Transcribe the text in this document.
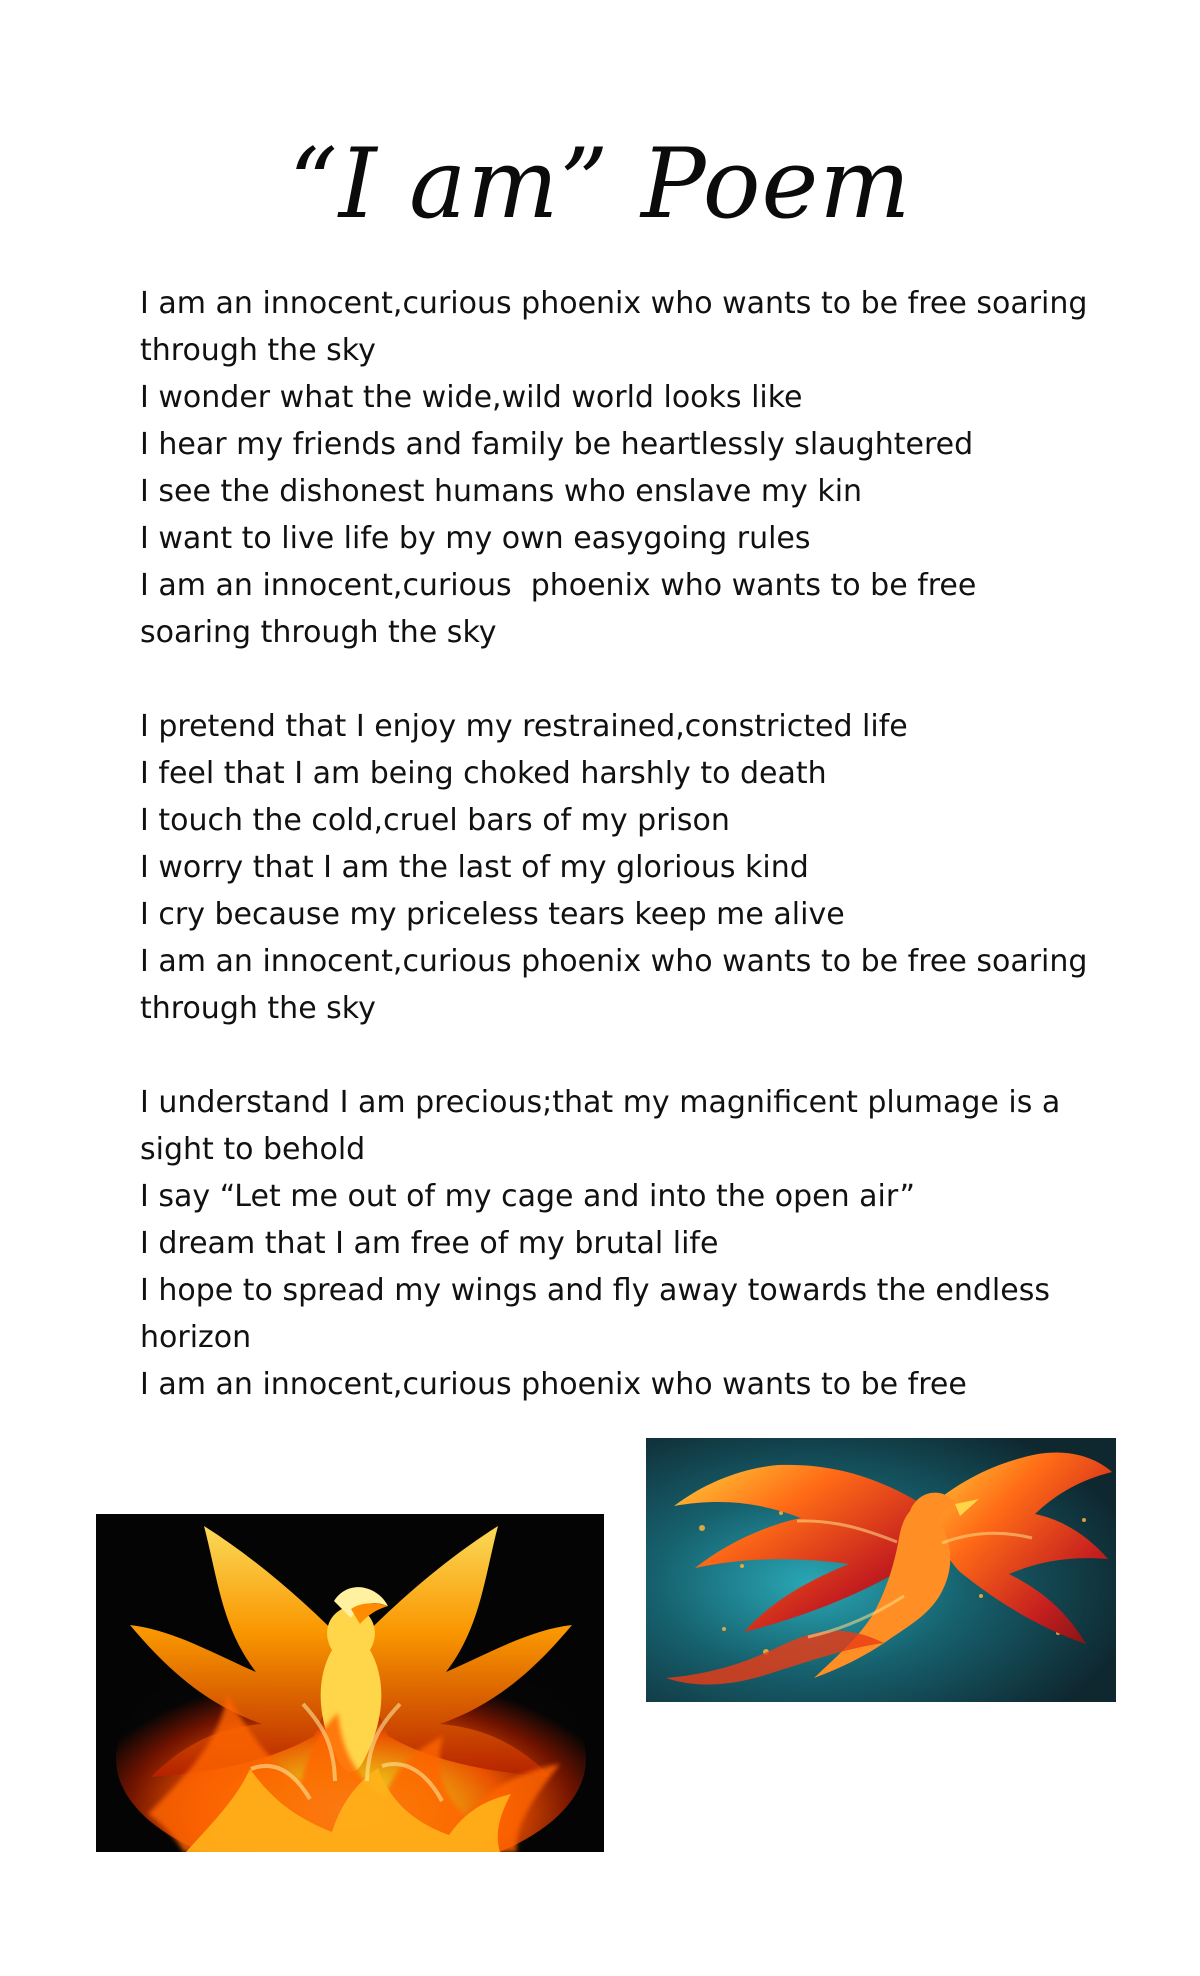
“I am” Poem
I am an innocent,curious phoenix who wants to be free soaring through the sky
I wonder what the wide,wild world looks like
I hear my friends and family be heartlessly slaughtered
I see the dishonest humans who enslave my kin
I want to live life by my own easygoing rules
I am an innocent,curious  phoenix who wants to be free soaring through the sky
I pretend that I enjoy my restrained,constricted life
I feel that I am being choked harshly to death
I touch the cold,cruel bars of my prison
I worry that I am the last of my glorious kind
I cry because my priceless tears keep me alive
I am an innocent,curious phoenix who wants to be free soaring through the sky
I understand I am precious;that my magnificent plumage is a sight to behold
I say “Let me out of my cage and into the open air”
I dream that I am free of my brutal life
I hope to spread my wings and fly away towards the endless horizon
I am an innocent,curious phoenix who wants to be free
